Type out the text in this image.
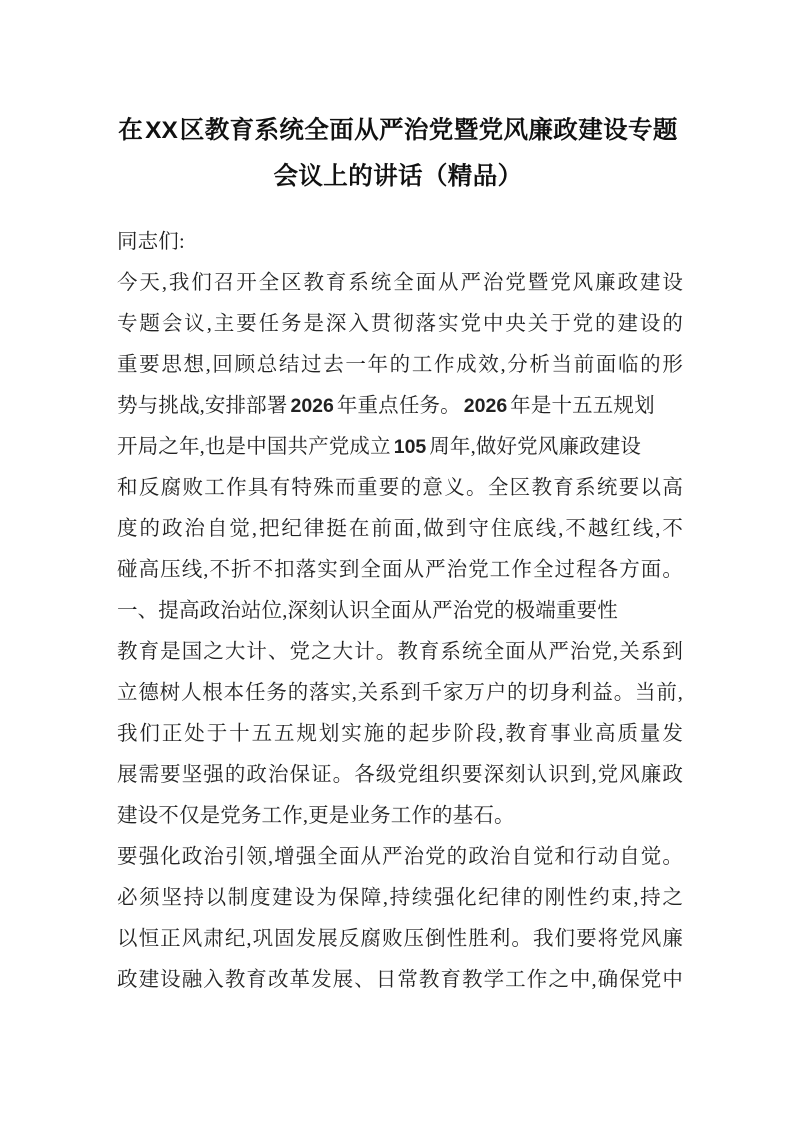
在XX区教育系统全面从严治党暨党风廉政建设专题
会议上的讲话（精品）
同志们:
今天,我们召开全区教育系统全面从严治党暨党风廉政建设
专题会议,主要任务是深入贯彻落实党中央关于党的建设的
重要思想,回顾总结过去一年的工作成效,分析当前面临的形
势与挑战,安排部署 2026 年重点任务。 2026 年是十五五规划
开局之年,也是中国共产党成立 105 周年,做好党风廉政建设
和反腐败工作具有特殊而重要的意义。全区教育系统要以高
度的政治自觉,把纪律挺在前面,做到守住底线,不越红线,不
碰高压线,不折不扣落实到全面从严治党工作全过程各方面。
一、提高政治站位,深刻认识全面从严治党的极端重要性
教育是国之大计、党之大计。教育系统全面从严治党,关系到
立德树人根本任务的落实,关系到千家万户的切身利益。当前,
我们正处于十五五规划实施的起步阶段,教育事业高质量发
展需要坚强的政治保证。各级党组织要深刻认识到,党风廉政
建设不仅是党务工作,更是业务工作的基石。
要强化政治引领,增强全面从严治党的政治自觉和行动自觉。
必须坚持以制度建设为保障,持续强化纪律的刚性约束,持之
以恒正风肃纪,巩固发展反腐败压倒性胜利。我们要将党风廉
政建设融入教育改革发展、日常教育教学工作之中,确保党中
